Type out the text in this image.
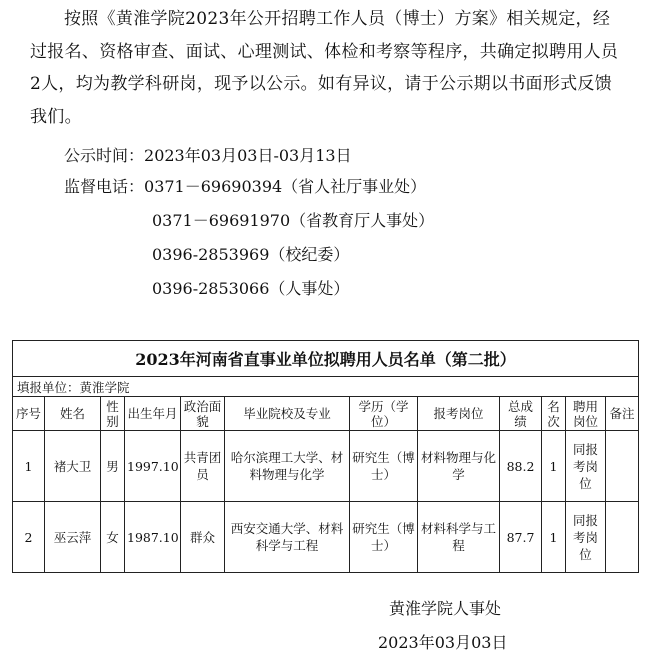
按照《黄淮学院2023年公开招聘工作人员（博士）方案》相关规定，经过报名、资格审查、面试、心理测试、体检和考察等程序，共确定拟聘用人员2人，均为教学科研岗，现予以公示。如有异议，请于公示期以书面形式反馈我们。
公示时间：2023年03月03日-03月13日
监督电话：0371－69690394（省人社厅事业处）
0371－69691970（省教育厅人事处）
0396-2853969（校纪委）
0396-2853066（人事处）
2023年河南省直事业单位拟聘用人员名单（第二批）											
填报单位：黄淮学院											
序号	姓名	性别	出生年月	政治面貌	毕业院校及专业	学历（学位）	报考岗位	总成绩	名次	聘用岗位	备注
1	褚大卫	男	1997.10	共青团员	哈尔滨理工大学、材料物理与化学	研究生（博士）	材料物理与化学	88.2	1	同报考岗位	
2	巫云萍	女	1987.10	群众	西安交通大学、材料科学与工程	研究生（博士）	材料科学与工程	87.7	1	同报考岗位	
黄淮学院人事处
2023年03月03日
